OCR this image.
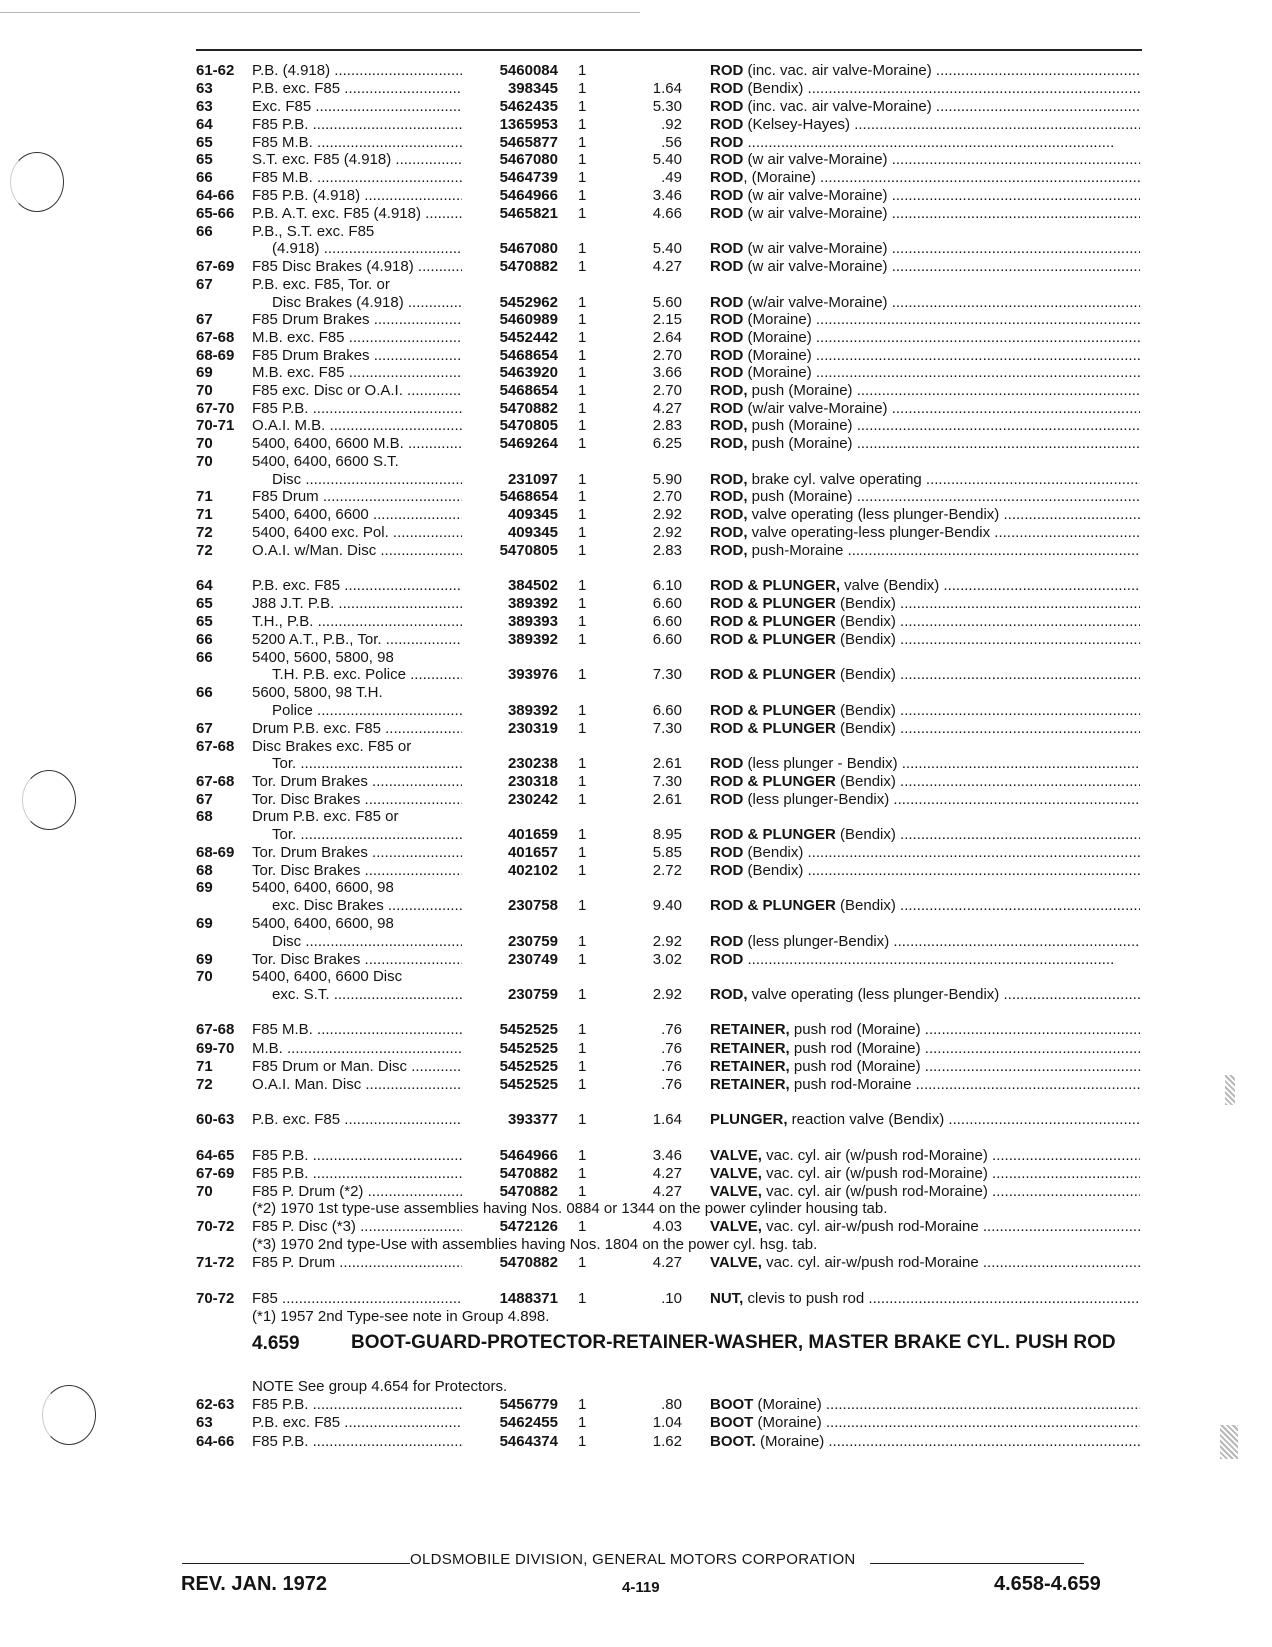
61-62 P.B. (4.918) .....	5460084 1	ROD (inc. vac. air valve-Moraine) .....
63	P.B. exc. F85 .....	398345 1	1.64 ROD (Bendix) .....
63	Exc. F85 .....	5462435 1	5.30 ROD (inc. vac. air valve-Moraine) .....
64	F85 P.B. .....	1365953 1	.92 ROD (Kelsey-Hayes) .....
65	F85 M.B. .....	5465877 1	.56 ROD .....
65	S.T. exc. F85 (4.918) .....	5467080 1	5.40 ROD (w air valve-Moraine) .....
66	F85 M.B. .....	5464739 1	.49 ROD, (Moraine) .....
64-66 F85 P.B. (4.918) .....	5464966 1	3.46 ROD (w air valve-Moraine) .....
65-66 P.B. A.T. exc. F85 (4.918) .....	5465821 1	4.66 ROD (w air valve-Moraine) .....
66	P.B., S.T. exc. F85
(4.918) .....	5467080 1	5.40 ROD (w air valve-Moraine) .....
67-69 F85 Disc Brakes (4.918) .....	5470882 1	4.27 ROD (w air valve-Moraine) .....
67	P.B. exc. F85, Tor. or
Disc Brakes (4.918) .....	5452962 1	5.60 ROD (w/air valve-Moraine) .....
67	F85 Drum Brakes .....	5460989 1	2.15 ROD (Moraine) .....
67-68 M.B. exc. F85 .....	5452442 1	2.64 ROD (Moraine) .....
68-69 F85 Drum Brakes .....	5468654 1	2.70 ROD (Moraine) .....
69	M.B. exc. F85 .....	5463920 1	3.66 ROD (Moraine) .....
70	F85 exc. Disc or O.A.I. .....	5468654 1	2.70 ROD, push (Moraine) .....
67-70 F85 P.B. .....	5470882 1	4.27 ROD (w/air valve-Moraine) .....
70-71 O.A.I. M.B. .....	5470805 1	2.83 ROD, push (Moraine) .....
70	5400, 6400, 6600 M.B. .....	5469264 1	6.25 ROD, push (Moraine) .....
70	5400, 6400, 6600 S.T.
Disc .....	231097 1	5.90 ROD, brake cyl. valve operating .....
71	F85 Drum .....	5468654 1	2.70 ROD, push (Moraine) .....
71	5400, 6400, 6600 .....	409345 1	2.92 ROD, valve operating (less plunger-Bendix) .....
72	5400, 6400 exc. Pol. .....	409345 1	2.92 ROD, valve operating-less plunger-Bendix .....
72	O.A.I. w/Man. Disc .....	5470805 1	2.83 ROD, push-Moraine .....
64	P.B. exc. F85 .....	384502 1	6.10 ROD & PLUNGER, valve (Bendix) .....
65	J88 J.T. P.B. .....	389392 1	6.60 ROD & PLUNGER (Bendix) .....
65	T.H., P.B. .....	389393 1	6.60 ROD & PLUNGER (Bendix) .....
66	5200 A.T., P.B., Tor. .....	389392 1	6.60 ROD & PLUNGER (Bendix) .....
66	5400, 5600, 5800, 98
T.H. P.B. exc. Police .....	393976 1	7.30 ROD & PLUNGER (Bendix) .....
66	5600, 5800, 98 T.H.
Police .....	389392 1	6.60 ROD & PLUNGER (Bendix) .....
67	Drum P.B. exc. F85 .....	230319 1	7.30 ROD & PLUNGER (Bendix) .....
67-68 Disc Brakes exc. F85 or
Tor. .....	230238 1	2.61 ROD (less plunger - Bendix) .....
67-68 Tor. Drum Brakes .....	230318 1	7.30 ROD & PLUNGER (Bendix) .....
67	Tor. Disc Brakes .....	230242 1	2.61 ROD (less plunger-Bendix) .....
68	Drum P.B. exc. F85 or
Tor. .....	401659 1	8.95 ROD & PLUNGER (Bendix) .....
68-69 Tor. Drum Brakes .....	401657 1	5.85 ROD (Bendix) .....
68	Tor. Disc Brakes .....	402102 1	2.72 ROD (Bendix) .....
69	5400, 6400, 6600, 98
exc. Disc Brakes .....	230758 1	9.40 ROD & PLUNGER (Bendix) .....
69	5400, 6400, 6600, 98
Disc .....	230759 1	2.92 ROD (less plunger-Bendix) .....
69	Tor. Disc Brakes .....	230749 1	3.02 ROD .....
70	5400, 6400, 6600 Disc
exc. S.T. .....	230759 1	2.92 ROD, valve operating (less plunger-Bendix) .....
67-68 F85 M.B. .....	5452525 1	.76 RETAINER, push rod (Moraine) .....
69-70 M.B. .....	5452525 1	.76 RETAINER, push rod (Moraine) .....
71	F85 Drum or Man. Disc .....	5452525 1	.76 RETAINER, push rod (Moraine) .....
72	O.A.I. Man. Disc .....	5452525 1	.76 RETAINER, push rod-Moraine .....
60-63 P.B. exc. F85 .....	393377 1	1.64 PLUNGER, reaction valve (Bendix) .....
64-65 F85 P.B. .....	5464966 1	3.46 VALVE, vac. cyl. air (w/push rod-Moraine) .....
67-69 F85 P.B. .....	5470882 1	4.27 VALVE, vac. cyl. air (w/push rod-Moraine) .....
70	F85 P. Drum (*2) .....	5470882 1	4.27 VALVE, vac. cyl. air (w/push rod-Moraine) .....
(*2) 1970 1st type-use assemblies having Nos. 0884 or 1344 on the power cylinder housing tab.
70-72 F85 P. Disc (*3) .....	5472126 1	4.03 VALVE, vac. cyl. air-w/push rod-Moraine .....
(*3) 1970 2nd type-Use with assemblies having Nos. 1804 on the power cyl. hsg. tab.
71-72 F85 P. Drum .....	5470882 1	4.27 VALVE, vac. cyl. air-w/push rod-Moraine .....
70-72 F85 .....	1488371 1	.10 NUT, clevis to push rod .....
(*1) 1957 2nd Type-see note in Group 4.898.
NOTE See group 4.654 for Protectors.
62-63 F85 P.B. .....	5456779 1	.80 BOOT (Moraine) .....
63	P.B. exc. F85 .....	5462455 1	1.04 BOOT (Moraine) .....
64-66 F85 P.B. .....	5464374 1	1.62 BOOT. (Moraine) .....
4.659	BOOT-GUARD-PROTECTOR-RETAINER-WASHER, MASTER BRAKE CYL. PUSH ROD
OLDSMOBILE DIVISION, GENERAL MOTORS CORPORATION
REV. JAN. 1972	4-119	4.658-4.659
